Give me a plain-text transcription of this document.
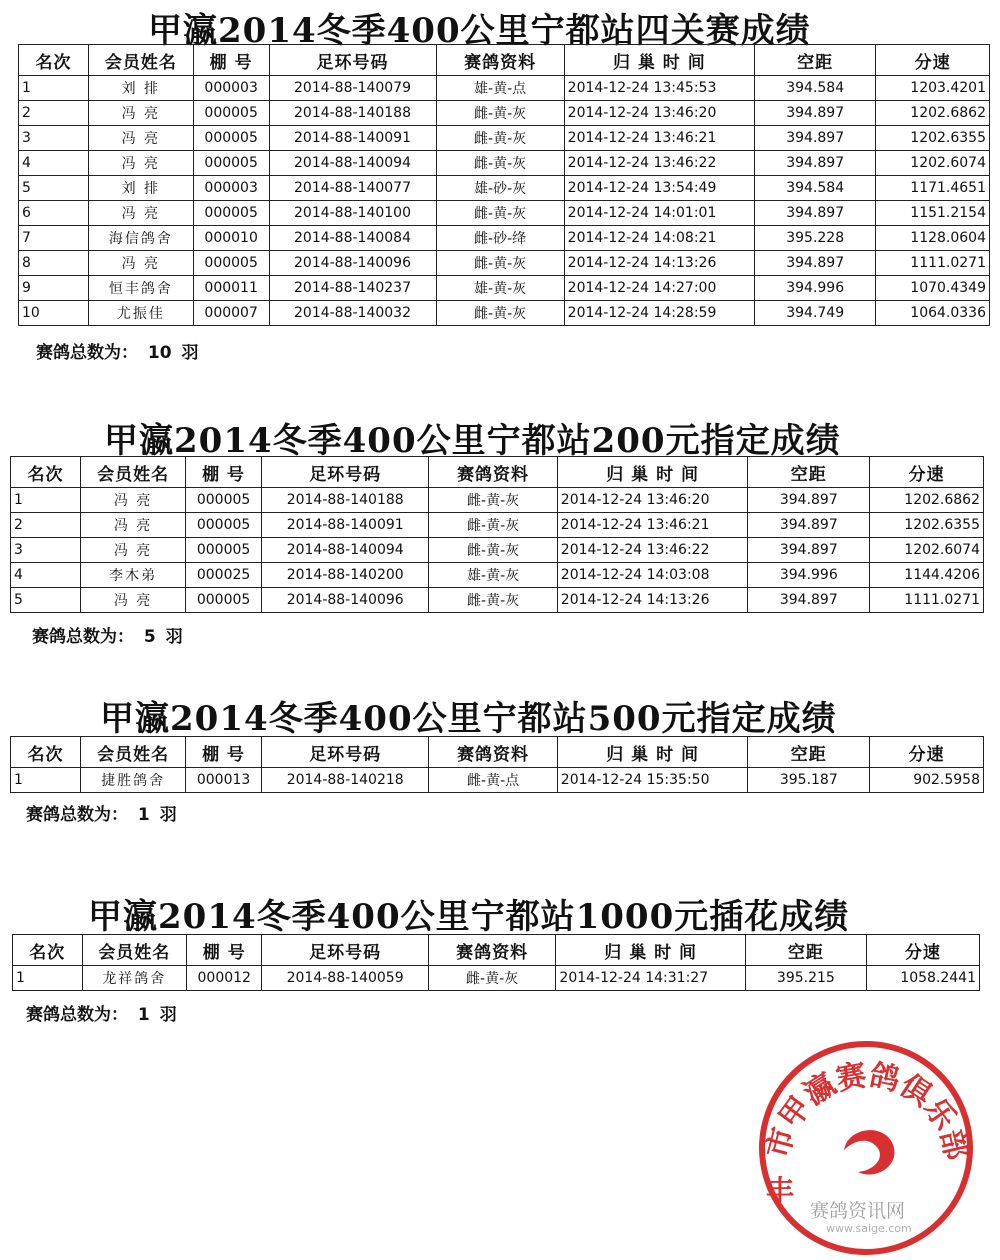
甲瀛2014冬季400公里宁都站四关赛成绩
名次	会员姓名	棚 号	足环号码	赛鸽资料	归 巢 时 间	空距	分速
1	刘 排	000003	2014-88-140079	雄-黄-点	2014-12-24 13:45:53	394.584	1203.4201
2	冯 亮	000005	2014-88-140188	雌-黄-灰	2014-12-24 13:46:20	394.897	1202.6862
3	冯 亮	000005	2014-88-140091	雌-黄-灰	2014-12-24 13:46:21	394.897	1202.6355
4	冯 亮	000005	2014-88-140094	雌-黄-灰	2014-12-24 13:46:22	394.897	1202.6074
5	刘 排	000003	2014-88-140077	雄-砂-灰	2014-12-24 13:54:49	394.584	1171.4651
6	冯 亮	000005	2014-88-140100	雌-黄-灰	2014-12-24 14:01:01	394.897	1151.2154
7	海信鸽舍	000010	2014-88-140084	雌-砂-绛	2014-12-24 14:08:21	395.228	1128.0604
8	冯 亮	000005	2014-88-140096	雌-黄-灰	2014-12-24 14:13:26	394.897	1111.0271
9	恒丰鸽舍	000011	2014-88-140237	雄-黄-灰	2014-12-24 14:27:00	394.996	1070.4349
10	尤振佳	000007	2014-88-140032	雌-黄-灰	2014-12-24 14:28:59	394.749	1064.0336
赛鸽总数为： 10 羽
甲瀛2014冬季400公里宁都站200元指定成绩
名次	会员姓名	棚 号	足环号码	赛鸽资料	归 巢 时 间	空距	分速
1	冯 亮	000005	2014-88-140188	雌-黄-灰	2014-12-24 13:46:20	394.897	1202.6862
2	冯 亮	000005	2014-88-140091	雌-黄-灰	2014-12-24 13:46:21	394.897	1202.6355
3	冯 亮	000005	2014-88-140094	雌-黄-灰	2014-12-24 13:46:22	394.897	1202.6074
4	李木弟	000025	2014-88-140200	雄-黄-灰	2014-12-24 14:03:08	394.996	1144.4206
5	冯 亮	000005	2014-88-140096	雌-黄-灰	2014-12-24 14:13:26	394.897	1111.0271
赛鸽总数为： 5 羽
甲瀛2014冬季400公里宁都站500元指定成绩
名次	会员姓名	棚 号	足环号码	赛鸽资料	归 巢 时 间	空距	分速
1	捷胜鸽舍	000013	2014-88-140218	雌-黄-点	2014-12-24 15:35:50	395.187	902.5958
赛鸽总数为： 1 羽
甲瀛2014冬季400公里宁都站1000元插花成绩
名次	会员姓名	棚 号	足环号码	赛鸽资料	归 巢 时 间	空距	分速
1	龙祥鸽舍	000012	2014-88-140059	雌-黄-灰	2014-12-24 14:31:27	395.215	1058.2441
赛鸽总数为： 1 羽
市甲瀛赛鸽俱乐部
丰
赛鸽资讯网
www.saige.com
